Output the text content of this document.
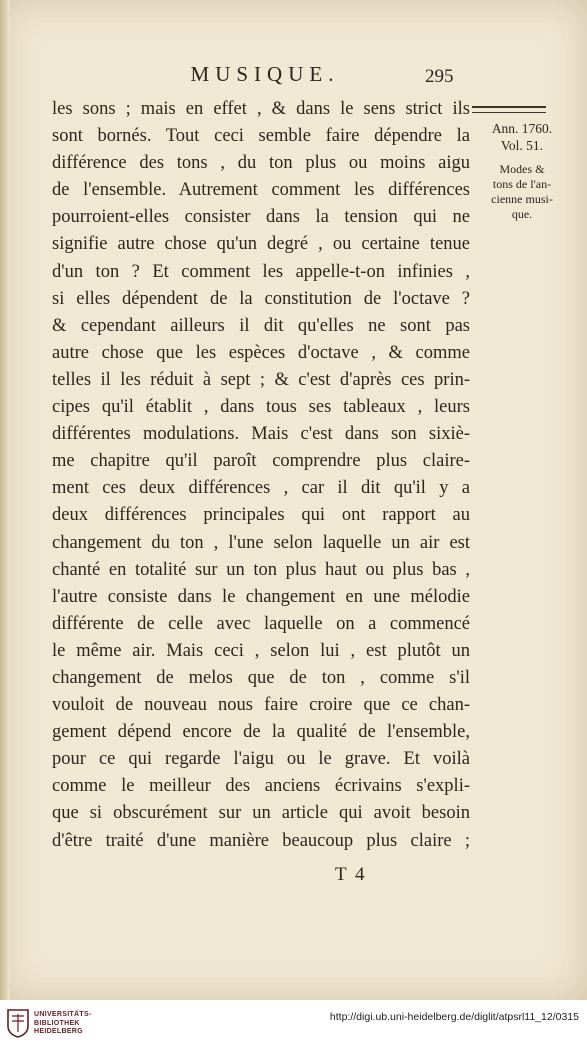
MUSIQUE.	295
les sons ; mais en effet , & dans le sens strict ils
sont bornés. Tout ceci semble faire dépendre la
différence des tons , du ton plus ou moins aigu
de l'ensemble. Autrement comment les différences
pourroient-elles consister dans la tension qui ne
signifie autre chose qu'un degré , ou certaine tenue
d'un ton ? Et comment les appelle-t-on infinies ,
si elles dépendent de la constitution de l'octave ?
& cependant ailleurs il dit qu'elles ne sont pas
autre chose que les espèces d'octave , & comme
telles il les réduit à sept ; & c'est d'après ces prin-
cipes qu'il établit , dans tous ses tableaux , leurs
différentes modulations. Mais c'est dans son sixiè-
me chapitre qu'il paroît comprendre plus claire-
ment ces deux différences , car il dit qu'il y a
deux différences principales qui ont rapport au
changement du ton , l'une selon laquelle un air est
chanté en totalité sur un ton plus haut ou plus bas ,
l'autre consiste dans le changement en une mélodie
différente de celle avec laquelle on a commencé
le même air. Mais ceci , selon lui , est plutôt un
changement de melos que de ton , comme s'il
vouloit de nouveau nous faire croire que ce chan-
gement dépend encore de la qualité de l'ensemble,
pour ce qui regarde l'aigu ou le grave. Et voilà
comme le meilleur des anciens écrivains s'expli-
que si obscurément sur un article qui avoit besoin
d'être traité d'une manière beaucoup plus claire ;
Ann. 1760.
Vol. 51.
Modes &
tons de l'an-
cienne musi-
que.
T 4
UNIVERSITÄTS-
BIBLIOTHEK
HEIDELBERG
http://digi.ub.uni-heidelberg.de/diglit/atpsrl11_12/0315
